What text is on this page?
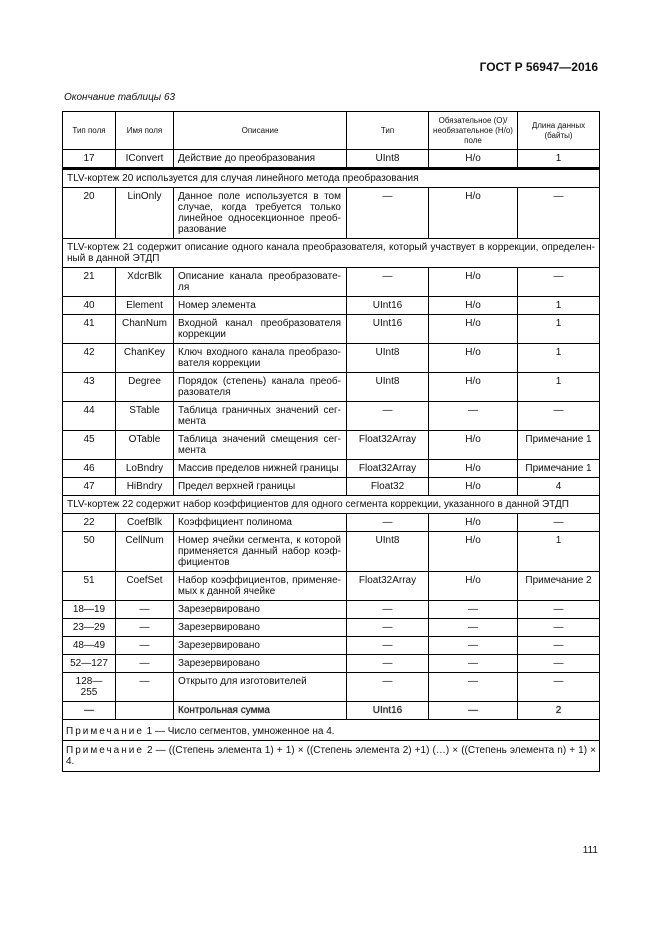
ГОСТ Р 56947—2016
Окончание таблицы 63
Тип поля	Имя поля	Описание	Тип	Обязательное (О)/ необязательное (Н/о) поле	Длина данных (байты)
17	IConvert	Действие до преобразования	UInt8	Н/о	1
TLV-кортеж 20 используется для случая линейного метода преобразования					
20	LinOnly	Данное поле используется в том случае, когда требуется только линейное односекционное преобразование	—	Н/о	—
TLV-кортеж 21 содержит описание одного канала преобразователя, который участвует в коррекции, определенный в данной ЭТДП					
21	XdcrBlk	Описание канала преобразователя	—	Н/о	—
40	Element	Номер элемента	UInt16	Н/о	1
41	ChanNum	Входной канал преобразователя коррекции	UInt16	Н/о	1
42	ChanKey	Ключ входного канала преобразователя коррекции	UInt8	Н/о	1
43	Degree	Порядок (степень) канала преобразователя	UInt8	Н/о	1
44	STable	Таблица граничных значений сегмента	—	—	—
45	OTable	Таблица значений смещения сегмента	Float32Array	Н/о	Примечание 1
46	LoBndry	Массив пределов нижней границы	Float32Array	Н/о	Примечание 1
47	HiBndry	Предел верхней границы	Float32	Н/о	4
TLV-кортеж 22 содержит набор коэффициентов для одного сегмента коррекции, указанного в данной ЭТДП					
22	CoefBlk	Коэффициент полинома	—	Н/о	—
50	CellNum	Номер ячейки сегмента, к которой применяется данный набор коэффициентов	UInt8	Н/о	1
51	CoefSet	Набор коэффициентов, применяемых к данной ячейке	Float32Array	Н/о	Примечание 2
18—19	—	Зарезервировано	—	—	—
23—29	—	Зарезервировано	—	—	—
48—49	—	Зарезервировано	—	—	—
52—127	—	Зарезервировано	—	—	—
128— 255	—	Открыто для изготовителей	—	—	—
—		Контрольная сумма	UInt16	—	2
Примечание 1 — Число сегментов, умноженное на 4.					
Примечание 2 — ((Степень элемента 1) + 1) × ((Степень элемента 2) +1) (…) × ((Степень элемента n) + 1) × 4.					
111
